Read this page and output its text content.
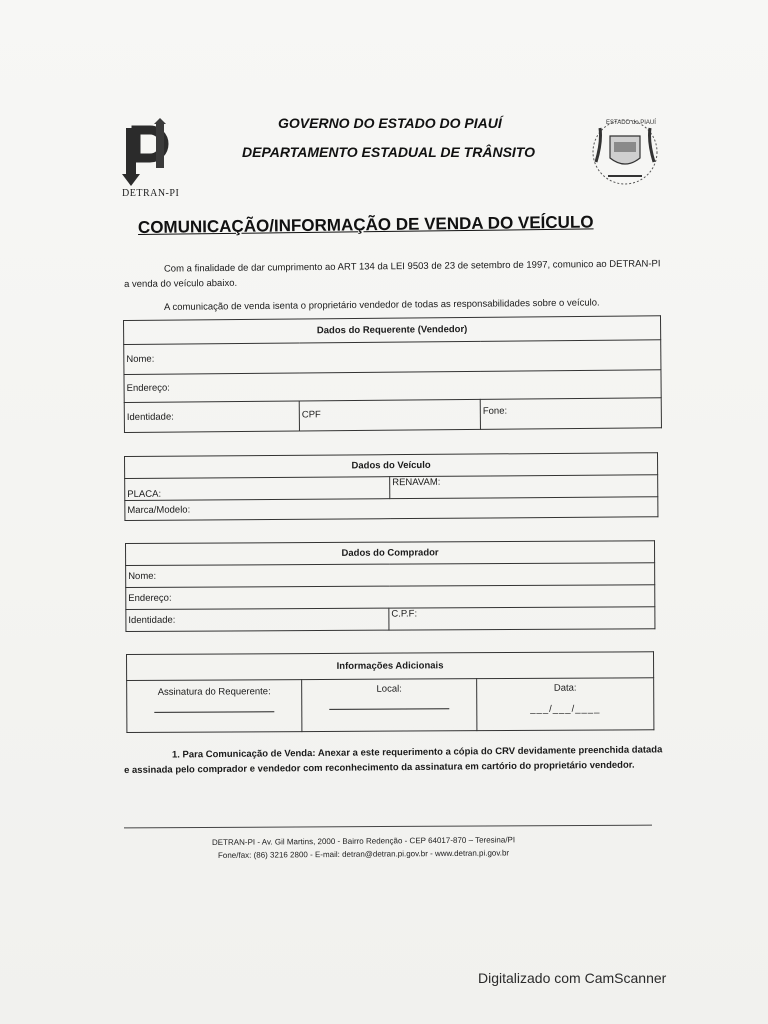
DETRAN-PI
GOVERNO DO ESTADO DO PIAUÍ
DEPARTAMENTO ESTADUAL DE TRÂNSITO
ESTADO do PIAUÍ
COMUNICAÇÃO/INFORMAÇÃO DE VENDA DO VEÍCULO
Com a finalidade de dar cumprimento ao ART 134 da LEI 9503 de 23 de setembro de 1997, comunico ao DETRAN-PI a venda do veículo abaixo.
A comunicação de venda isenta o proprietário vendedor de todas as responsabilidades sobre o veículo.
Dados do Requerente (Vendedor)
Nome:
Endereço:
Identidade:	CPF	Fone:
Dados do Veículo
PLACA:	RENAVAM:
Marca/Modelo:
Dados do Comprador
Nome:
Endereço:
Identidade:	C.P.F:
Informações Adicionais
Assinatura do Requerente:	Local:	Data:
___/___/____
1. Para Comunicação de Venda: Anexar a este requerimento a cópia do CRV devidamente preenchida datada e assinada pelo comprador e vendedor com reconhecimento da assinatura em cartório do proprietário vendedor.
DETRAN-PI - Av. Gil Martins, 2000 - Bairro Redenção - CEP 64017-870 – Teresina/PI
Fone/fax: (86) 3216 2800 - E-mail: detran@detran.pi.gov.br - www.detran.pi.gov.br
Digitalizado com CamScanner
